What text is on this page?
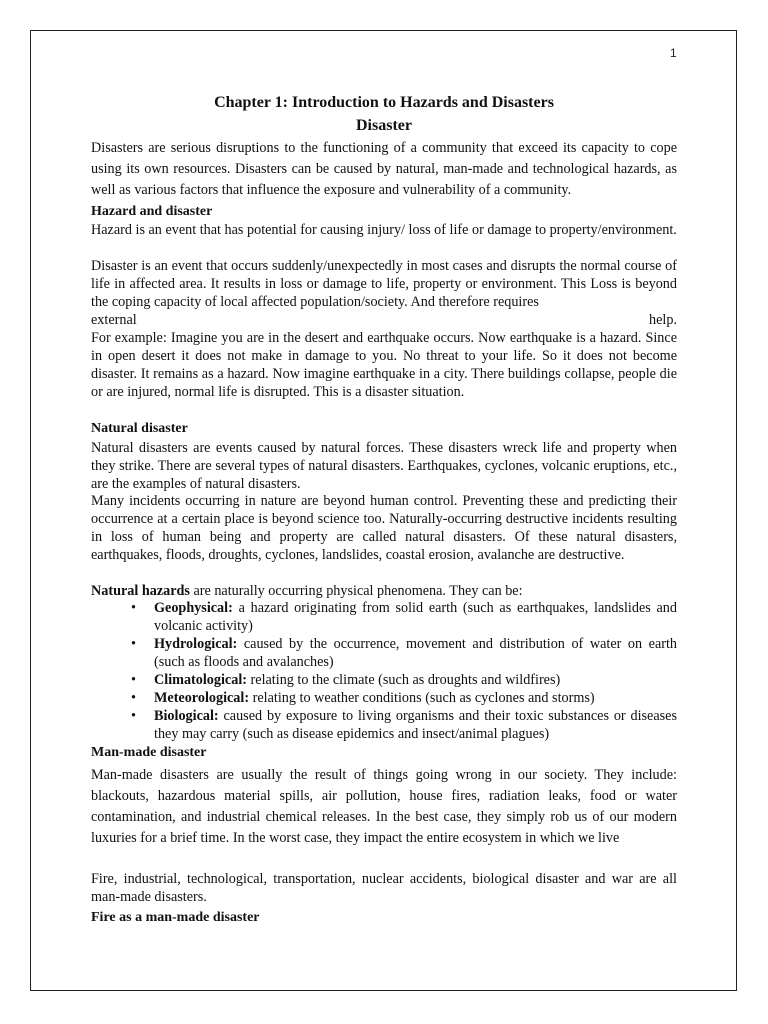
1
Chapter 1: Introduction to Hazards and Disasters
Disaster

Disasters are serious disruptions to the functioning of a community that exceed its capacity to cope using its own resources. Disasters can be caused by natural, man-made and technological hazards, as well as various factors that influence the exposure and vulnerability of a community.

Hazard and disaster

Hazard is an event that has potential for causing injury/ loss of life or damage to property/environment.

Disaster is an event that occurs suddenly/unexpectedly in most cases and disrupts the normal course of life in affected area. It results in loss or damage to life, property or environment. This Loss is beyond the coping capacity of local affected population/society. And therefore requires

external	help.

For example: Imagine you are in the desert and earthquake occurs. Now earthquake is a hazard. Since in open desert it does not make in damage to you. No threat to your life. So it does not become disaster. It remains as a hazard. Now imagine earthquake in a city. There buildings collapse, people die or are injured, normal life is disrupted. This is a disaster situation.

Natural disaster

Natural disasters are events caused by natural forces. These disasters wreck life and property when they strike. There are several types of natural disasters. Earthquakes, cyclones, volcanic eruptions, etc., are the examples of natural disasters.

Many incidents occurring in nature are beyond human control. Preventing these and predicting their occurrence at a certain place is beyond science too. Naturally-occurring destructive incidents resulting in loss of human being and property are called natural disasters. Of these natural disasters, earthquakes, floods, droughts, cyclones, landslides, coastal erosion, avalanche are destructive.

Natural hazards are naturally occurring physical phenomena. They can be:

• Geophysical: a hazard originating from solid earth (such as earthquakes, landslides and volcanic activity)
• Hydrological: caused by the occurrence, movement and distribution of water on earth (such as floods and avalanches)
• Climatological: relating to the climate (such as droughts and wildfires)
• Meteorological: relating to weather conditions (such as cyclones and storms)
• Biological: caused by exposure to living organisms and their toxic substances or diseases they may carry (such as disease epidemics and insect/animal plagues)

Man-made disaster

Man-made disasters are usually the result of things going wrong in our society. They include: blackouts, hazardous material spills, air pollution, house fires, radiation leaks, food or water contamination, and industrial chemical releases. In the best case, they simply rob us of our modern luxuries for a brief time. In the worst case, they impact the entire ecosystem in which we live

Fire, industrial, technological, transportation, nuclear accidents, biological disaster and war are all man-made disasters.

Fire as a man-made disaster
